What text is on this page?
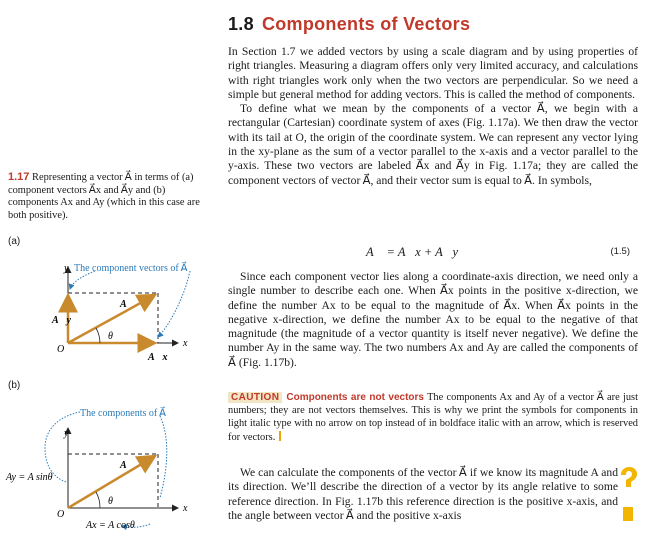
1.8 Components of Vectors

In Section 1.7 we added vectors by using a scale diagram and by using properties of right triangles. Measuring a diagram offers only very limited accuracy, and calculations with right triangles work only when the two vectors are perpendicular. So we need a simple but general method for adding vectors. This is called the method of components.

To define what we mean by the components of a vector A⃗, we begin with a rectangular (Cartesian) coordinate system of axes (Fig. 1.17a). We then draw the vector with its tail at O, the origin of the coordinate system. We can represent any vector lying in the xy-plane as the sum of a vector parallel to the x-axis and a vector parallel to the y-axis. These two vectors are labeled A⃗x and A⃗y in Fig. 1.17a; they are called the component vectors of vector A⃗, and their vector sum is equal to A⃗. In symbols,

A⃗ = A⃗x + A⃗y	(1.5)

Since each component vector lies along a coordinate-axis direction, we need only a single number to describe each one. When A⃗x points in the positive x-direction, we define the number Ax to be equal to the magnitude of A⃗x. When A⃗x points in the negative x-direction, we define the number Ax to be equal to the negative of that magnitude (the magnitude of a vector quantity is itself never negative). We define the number Ay in the same way. The two numbers Ax and Ay are called the components of A⃗ (Fig. 1.17b).

CAUTION Components are not vectors The components Ax and Ay of a vector A⃗ are just numbers; they are not vectors themselves. This is why we print the symbols for components in light italic type with no arrow on top instead of in boldface italic with an arrow, which is reserved for vectors.

We can calculate the components of the vector A⃗ if we know its magnitude A and its direction. We’ll describe the direction of a vector by its angle relative to some reference direction. In Fig. 1.17b this reference direction is the positive x-axis, and the angle between vector A⃗ and the positive x-axis

1.17 Representing a vector A⃗ in terms of (a) component vectors A⃗x and A⃗y and (b) components Ax and Ay (which in this case are both positive).
(a)
y The component vectors of A⃗
x
O
A⃗
A⃗y
A⃗x
θ
(b)
y
The components of A⃗
x
O
A⃗
θ
Ay = A sinθ
Ax = A cosθ
